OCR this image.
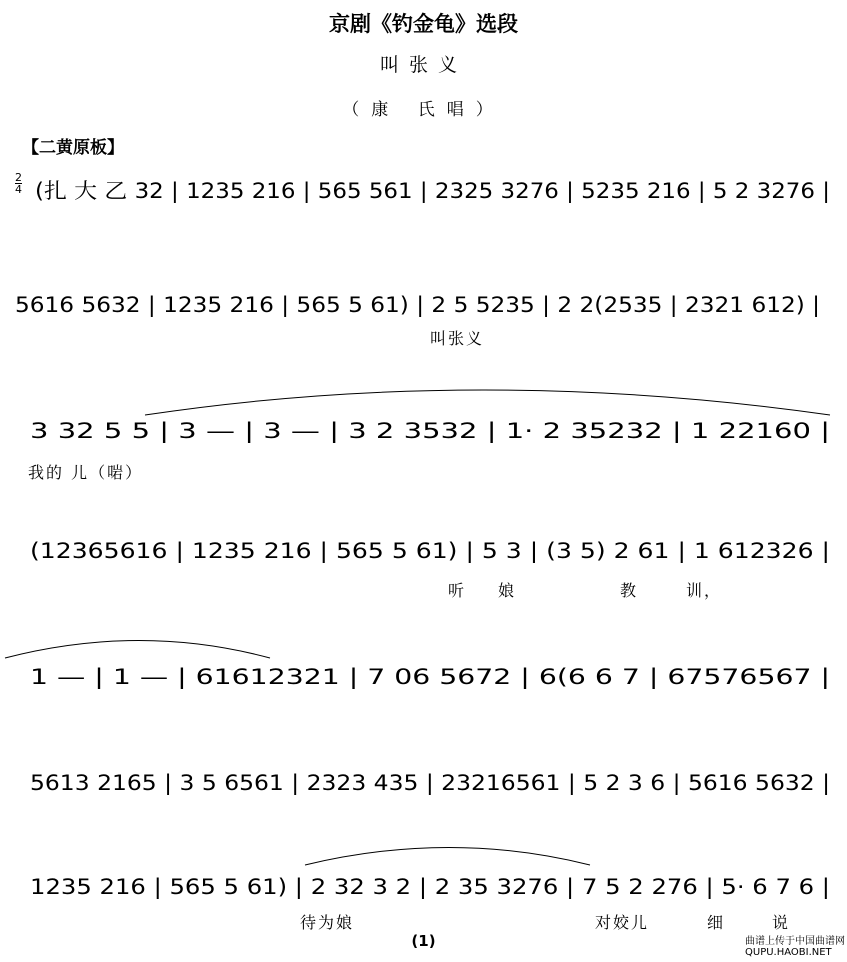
京剧《钓金龟》选段
叫张义
（康 氏唱）
【二黄原板】
2
4 (扎 大 乙 32 | 1235 216 | 565 561 | 2325 3276 | 5235 216 | 5 2 3276 |
5616 5632 | 1235 216 | 565 5 61) | 2 5 5235 | 2 2(2535 | 2321 612) |
叫张义
3 32 5 5 | 3 — | 3 — | 3 2 3532 | 1· 2 35232 | 1 22160 |
我的 儿（啱）
(12365616 | 1235 216 | 565 5 61) | 5 3 | (3 5) 2 61 | 1 612326 |
听 娘	教	训，
1 — | 1 — | 61612321 | 7 06 5672 | 6(6 6 7 | 67576567 |
5613 2165 | 3 5 6561 | 2323 435 | 23216561 | 5 2 3 6 | 5616 5632 |
1235 216 | 565 5 61) | 2 32 3 2 | 2 35 3276 | 7 5 2 276 | 5· 6 7 6 |
待为娘	对姣儿	细	说
(1)	曲谱上传于中国曲谱网
QUPU.HAOBI.NET
